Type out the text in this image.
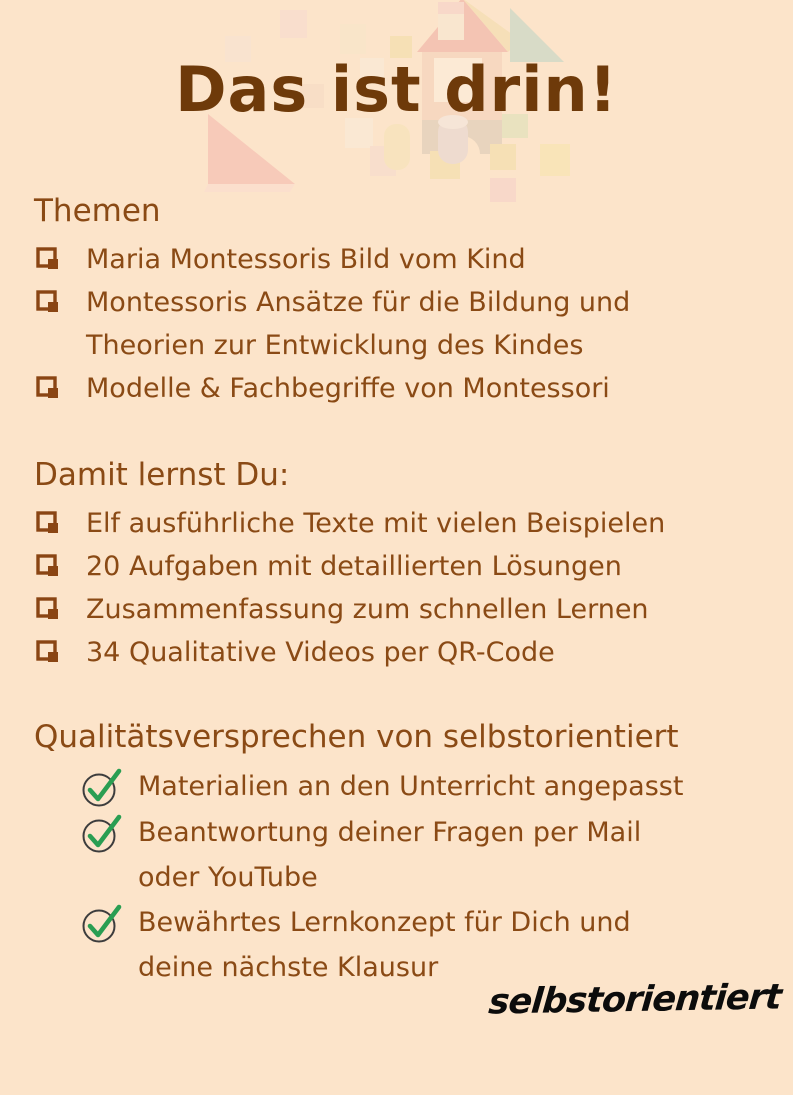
Das ist drin!
Themen
Maria Montessoris Bild vom Kind
Montessoris Ansätze für die Bildung und Theorien zur Entwicklung des Kindes
Modelle & Fachbegriffe von Montessori
Damit lernst Du:
Elf ausführliche Texte mit vielen Beispielen
20 Aufgaben mit detaillierten Lösungen
Zusammenfassung zum schnellen Lernen
34 Qualitative Videos per QR-Code
Qualitätsversprechen von selbstorientiert
Materialien an den Unterricht angepasst
Beantwortung deiner Fragen per Mail oder YouTube
Bewährtes Lernkonzept für Dich und deine nächste Klausur
selbstorientiert
